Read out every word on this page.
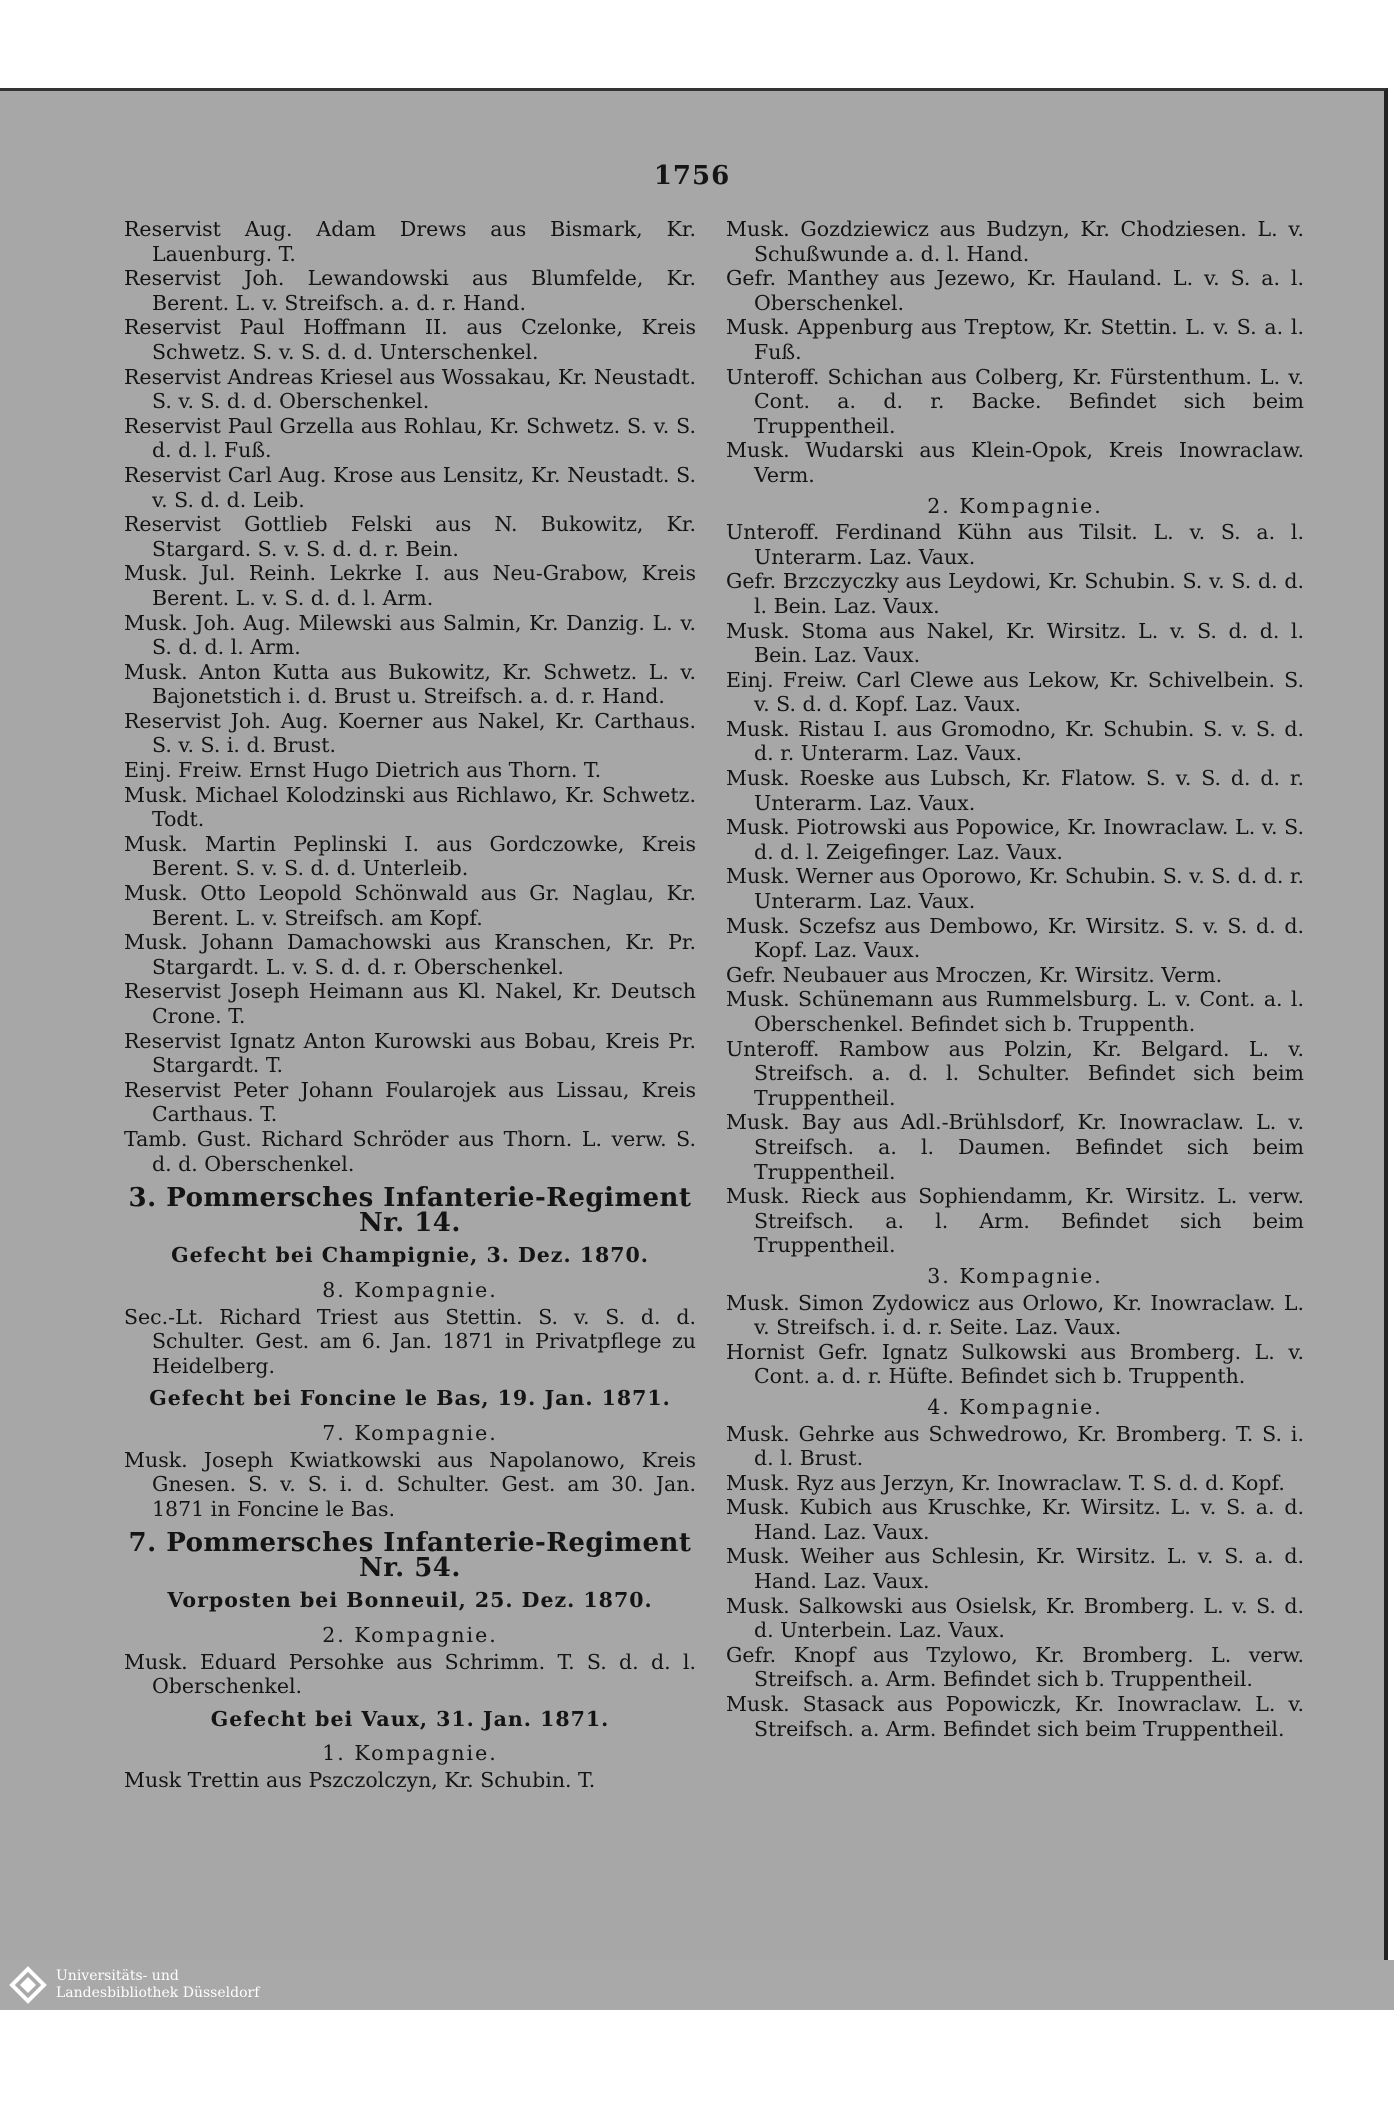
1756
Reservist Aug. Adam Drews aus Bismark, Kr. Lauenburg. T.
Reservist Joh. Lewandowski aus Blumfelde, Kr. Berent. L. v. Streifsch. a. d. r. Hand.
Reservist Paul Hoffmann II. aus Czelonke, Kreis Schwetz. S. v. S. d. d. Unterschenkel.
Reservist Andreas Kriesel aus Wossakau, Kr. Neustadt. S. v. S. d. d. Oberschenkel.
Reservist Paul Grzella aus Rohlau, Kr. Schwetz. S. v. S. d. d. l. Fuß.
Reservist Carl Aug. Krose aus Lensitz, Kr. Neustadt. S. v. S. d. d. Leib.
Reservist Gottlieb Felski aus N. Bukowitz, Kr. Stargard. S. v. S. d. d. r. Bein.
Musk. Jul. Reinh. Lekrke I. aus Neu-Grabow, Kreis Berent. L. v. S. d. d. l. Arm.
Musk. Joh. Aug. Milewski aus Salmin, Kr. Danzig. L. v. S. d. d. l. Arm.
Musk. Anton Kutta aus Bukowitz, Kr. Schwetz. L. v. Bajonetstich i. d. Brust u. Streifsch. a. d. r. Hand.
Reservist Joh. Aug. Koerner aus Nakel, Kr. Carthaus. S. v. S. i. d. Brust.
Einj. Freiw. Ernst Hugo Dietrich aus Thorn. T.
Musk. Michael Kolodzinski aus Richlawo, Kr. Schwetz. Todt.
Musk. Martin Peplinski I. aus Gordczowke, Kreis Berent. S. v. S. d. d. Unterleib.
Musk. Otto Leopold Schönwald aus Gr. Naglau, Kr. Berent. L. v. Streifsch. am Kopf.
Musk. Johann Damachowski aus Kranschen, Kr. Pr. Stargardt. L. v. S. d. d. r. Oberschenkel.
Reservist Joseph Heimann aus Kl. Nakel, Kr. Deutsch Crone. T.
Reservist Ignatz Anton Kurowski aus Bobau, Kreis Pr. Stargardt. T.
Reservist Peter Johann Foularojek aus Lissau, Kreis Carthaus. T.
Tamb. Gust. Richard Schröder aus Thorn. L. verw. S. d. d. Oberschenkel.
3. Pommersches Infanterie-Regiment Nr. 14.
Gefecht bei Champignie, 3. Dez. 1870.
8. Kompagnie.
Sec.-Lt. Richard Triest aus Stettin. S. v. S. d. d. Schulter. Gest. am 6. Jan. 1871 in Privatpflege zu Heidelberg.
Gefecht bei Foncine le Bas, 19. Jan. 1871.
7. Kompagnie.
Musk. Joseph Kwiatkowski aus Napolanowo, Kreis Gnesen. S. v. S. i. d. Schulter. Gest. am 30. Jan. 1871 in Foncine le Bas.
7. Pommersches Infanterie-Regiment Nr. 54.
Vorposten bei Bonneuil, 25. Dez. 1870.
2. Kompagnie.
Musk. Eduard Persohke aus Schrimm. T. S. d. d. l. Oberschenkel.
Gefecht bei Vaux, 31. Jan. 1871.
1. Kompagnie.
Musk Trettin aus Pszczolczyn, Kr. Schubin. T.
Musk. Gozdziewicz aus Budzyn, Kr. Chodziesen. L. v. Schußwunde a. d. l. Hand.
Gefr. Manthey aus Jezewo, Kr. Hauland. L. v. S. a. l. Oberschenkel.
Musk. Appenburg aus Treptow, Kr. Stettin. L. v. S. a. l. Fuß.
Unteroff. Schichan aus Colberg, Kr. Fürstenthum. L. v. Cont. a. d. r. Backe. Befindet sich beim Truppentheil.
Musk. Wudarski aus Klein-Opok, Kreis Inowraclaw. Verm.
2. Kompagnie.
Unteroff. Ferdinand Kühn aus Tilsit. L. v. S. a. l. Unterarm. Laz. Vaux.
Gefr. Brzczyczky aus Leydowi, Kr. Schubin. S. v. S. d. d. l. Bein. Laz. Vaux.
Musk. Stoma aus Nakel, Kr. Wirsitz. L. v. S. d. d. l. Bein. Laz. Vaux.
Einj. Freiw. Carl Clewe aus Lekow, Kr. Schivelbein. S. v. S. d. d. Kopf. Laz. Vaux.
Musk. Ristau I. aus Gromodno, Kr. Schubin. S. v. S. d. d. r. Unterarm. Laz. Vaux.
Musk. Roeske aus Lubsch, Kr. Flatow. S. v. S. d. d. r. Unterarm. Laz. Vaux.
Musk. Piotrowski aus Popowice, Kr. Inowraclaw. L. v. S. d. d. l. Zeigefinger. Laz. Vaux.
Musk. Werner aus Oporowo, Kr. Schubin. S. v. S. d. d. r. Unterarm. Laz. Vaux.
Musk. Sczefsz aus Dembowo, Kr. Wirsitz. S. v. S. d. d. Kopf. Laz. Vaux.
Gefr. Neubauer aus Mroczen, Kr. Wirsitz. Verm.
Musk. Schünemann aus Rummelsburg. L. v. Cont. a. l. Oberschenkel. Befindet sich b. Truppenth.
Unteroff. Rambow aus Polzin, Kr. Belgard. L. v. Streifsch. a. d. l. Schulter. Befindet sich beim Truppentheil.
Musk. Bay aus Adl.-Brühlsdorf, Kr. Inowraclaw. L. v. Streifsch. a. l. Daumen. Befindet sich beim Truppentheil.
Musk. Rieck aus Sophiendamm, Kr. Wirsitz. L. verw. Streifsch. a. l. Arm. Befindet sich beim Truppentheil.
3. Kompagnie.
Musk. Simon Zydowicz aus Orlowo, Kr. Inowraclaw. L. v. Streifsch. i. d. r. Seite. Laz. Vaux.
Hornist Gefr. Ignatz Sulkowski aus Bromberg. L. v. Cont. a. d. r. Hüfte. Befindet sich b. Truppenth.
4. Kompagnie.
Musk. Gehrke aus Schwedrowo, Kr. Bromberg. T. S. i. d. l. Brust.
Musk. Ryz aus Jerzyn, Kr. Inowraclaw. T. S. d. d. Kopf.
Musk. Kubich aus Kruschke, Kr. Wirsitz. L. v. S. a. d. Hand. Laz. Vaux.
Musk. Weiher aus Schlesin, Kr. Wirsitz. L. v. S. a. d. Hand. Laz. Vaux.
Musk. Salkowski aus Osielsk, Kr. Bromberg. L. v. S. d. d. Unterbein. Laz. Vaux.
Gefr. Knopf aus Tzylowo, Kr. Bromberg. L. verw. Streifsch. a. Arm. Befindet sich b. Truppentheil.
Musk. Stasack aus Popowiczk, Kr. Inowraclaw. L. v. Streifsch. a. Arm. Befindet sich beim Truppentheil.
Universitäts- und
Landesbibliothek Düsseldorf
